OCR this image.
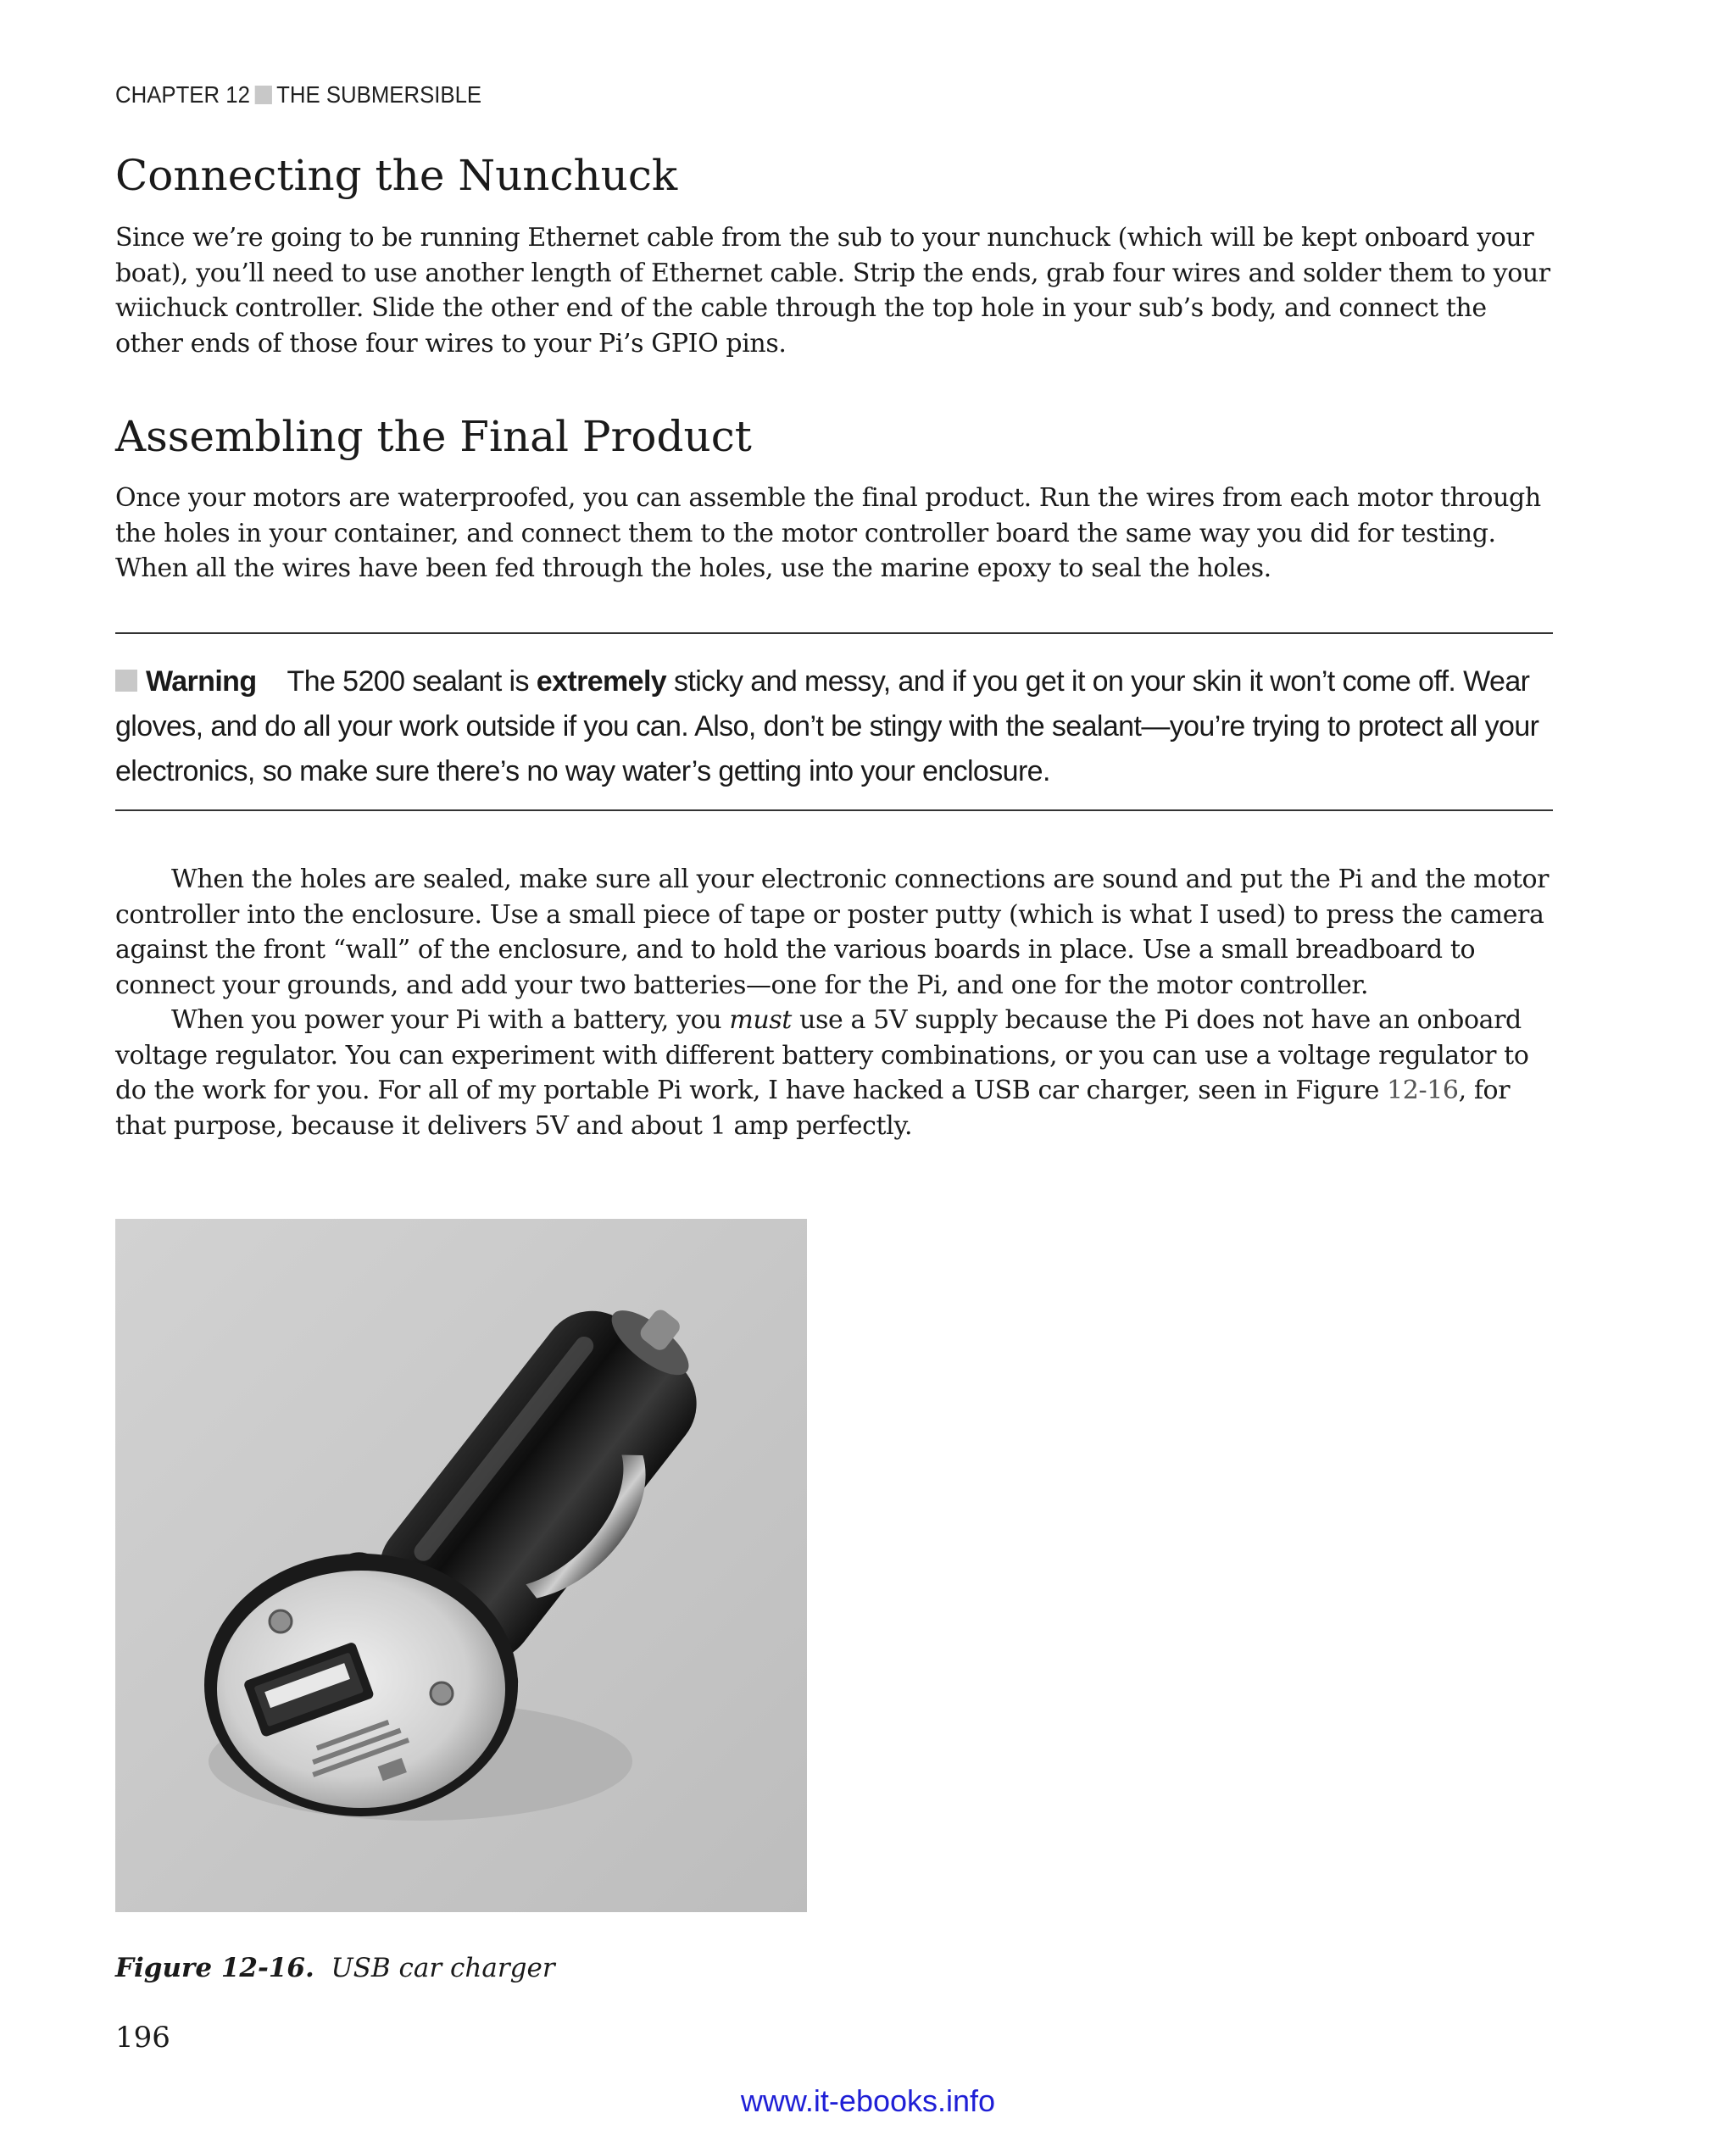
CHAPTER 12 THE SUBMERSIBLE
Connecting the Nunchuck

Since we’re going to be running Ethernet cable from the sub to your nunchuck (which will be kept onboard your boat), you’ll need to use another length of Ethernet cable. Strip the ends, grab four wires and solder them to your wiichuck controller. Slide the other end of the cable through the top hole in your sub’s body, and connect the other ends of those four wires to your Pi’s GPIO pins.

Assembling the Final Product

Once your motors are waterproofed, you can assemble the final product. Run the wires from each motor through the holes in your container, and connect them to the motor controller board the same way you did for testing. When all the wires have been fed through the holes, use the marine epoxy to seal the holes.

Warning The 5200 sealant is extremely sticky and messy, and if you get it on your skin it won’t come off. Wear gloves, and do all your work outside if you can. Also, don’t be stingy with the sealant—you’re trying to protect all your electronics, so make sure there’s no way water’s getting into your enclosure.

When the holes are sealed, make sure all your electronic connections are sound and put the Pi and the motor controller into the enclosure. Use a small piece of tape or poster putty (which is what I used) to press the camera against the front “wall” of the enclosure, and to hold the various boards in place. Use a small breadboard to connect your grounds, and add your two batteries—one for the Pi, and one for the motor controller.

When you power your Pi with a battery, you must use a 5V supply because the Pi does not have an onboard voltage regulator. You can experiment with different battery combinations, or you can use a voltage regulator to do the work for you. For all of my portable Pi work, I have hacked a USB car charger, seen in Figure 12-16, for that purpose, because it delivers 5V and about 1 amp perfectly.

Figure 12-16. USB car charger
196
www.it-ebooks.info
